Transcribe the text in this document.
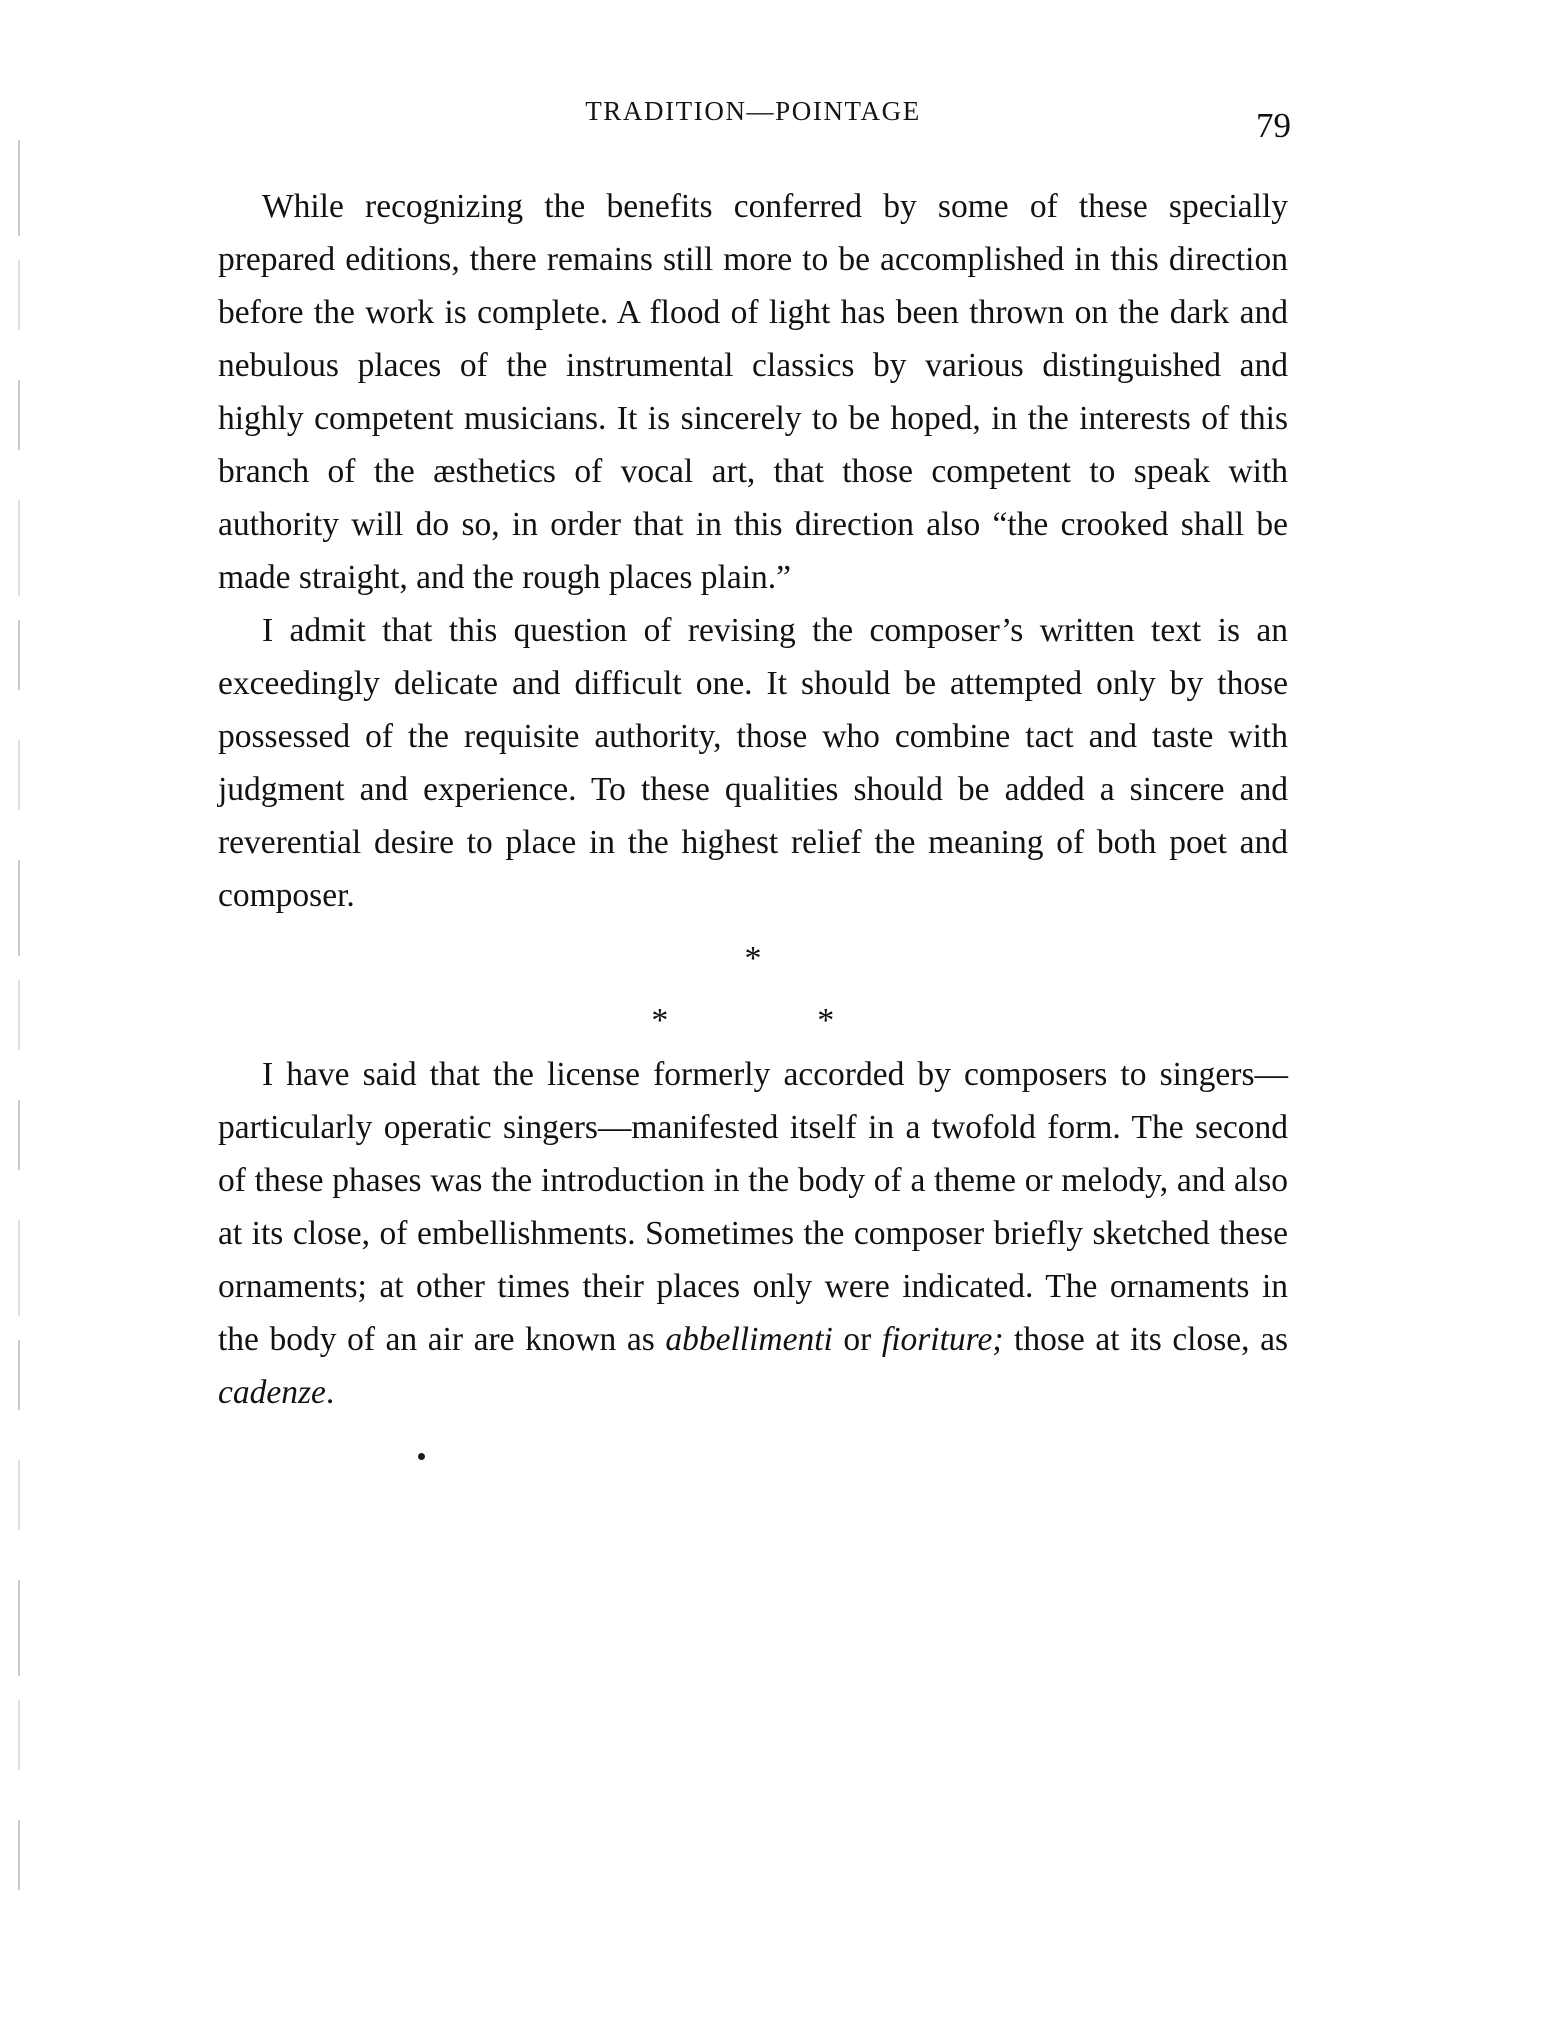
TRADITION—POINTAGE	79

While recognizing the benefits conferred by some of these specially prepared editions, there remains still more to be accomplished in this direction before the work is complete. A flood of light has been thrown on the dark and nebulous places of the instrumental classics by various distinguished and highly competent musicians. It is sincerely to be hoped, in the interests of this branch of the æsthetics of vocal art, that those competent to speak with authority will do so, in order that in this direction also “the crooked shall be made straight, and the rough places plain.”

I admit that this question of revising the composer’s written text is an exceedingly delicate and difficult one. It should be attempted only by those possessed of the requisite authority, those who combine tact and taste with judgment and experience. To these qualities should be added a sincere and reverential desire to place in the highest relief the meaning of both poet and composer.

*
*	*

I have said that the license formerly accorded by composers to singers—particularly operatic singers—manifested itself in a twofold form. The second of these phases was the introduction in the body of a theme or melody, and also at its close, of embellishments. Sometimes the composer briefly sketched these ornaments; at other times their places only were indicated. The ornaments in the body of an air are known as abbellimenti or fioriture; those at its close, as cadenze.
